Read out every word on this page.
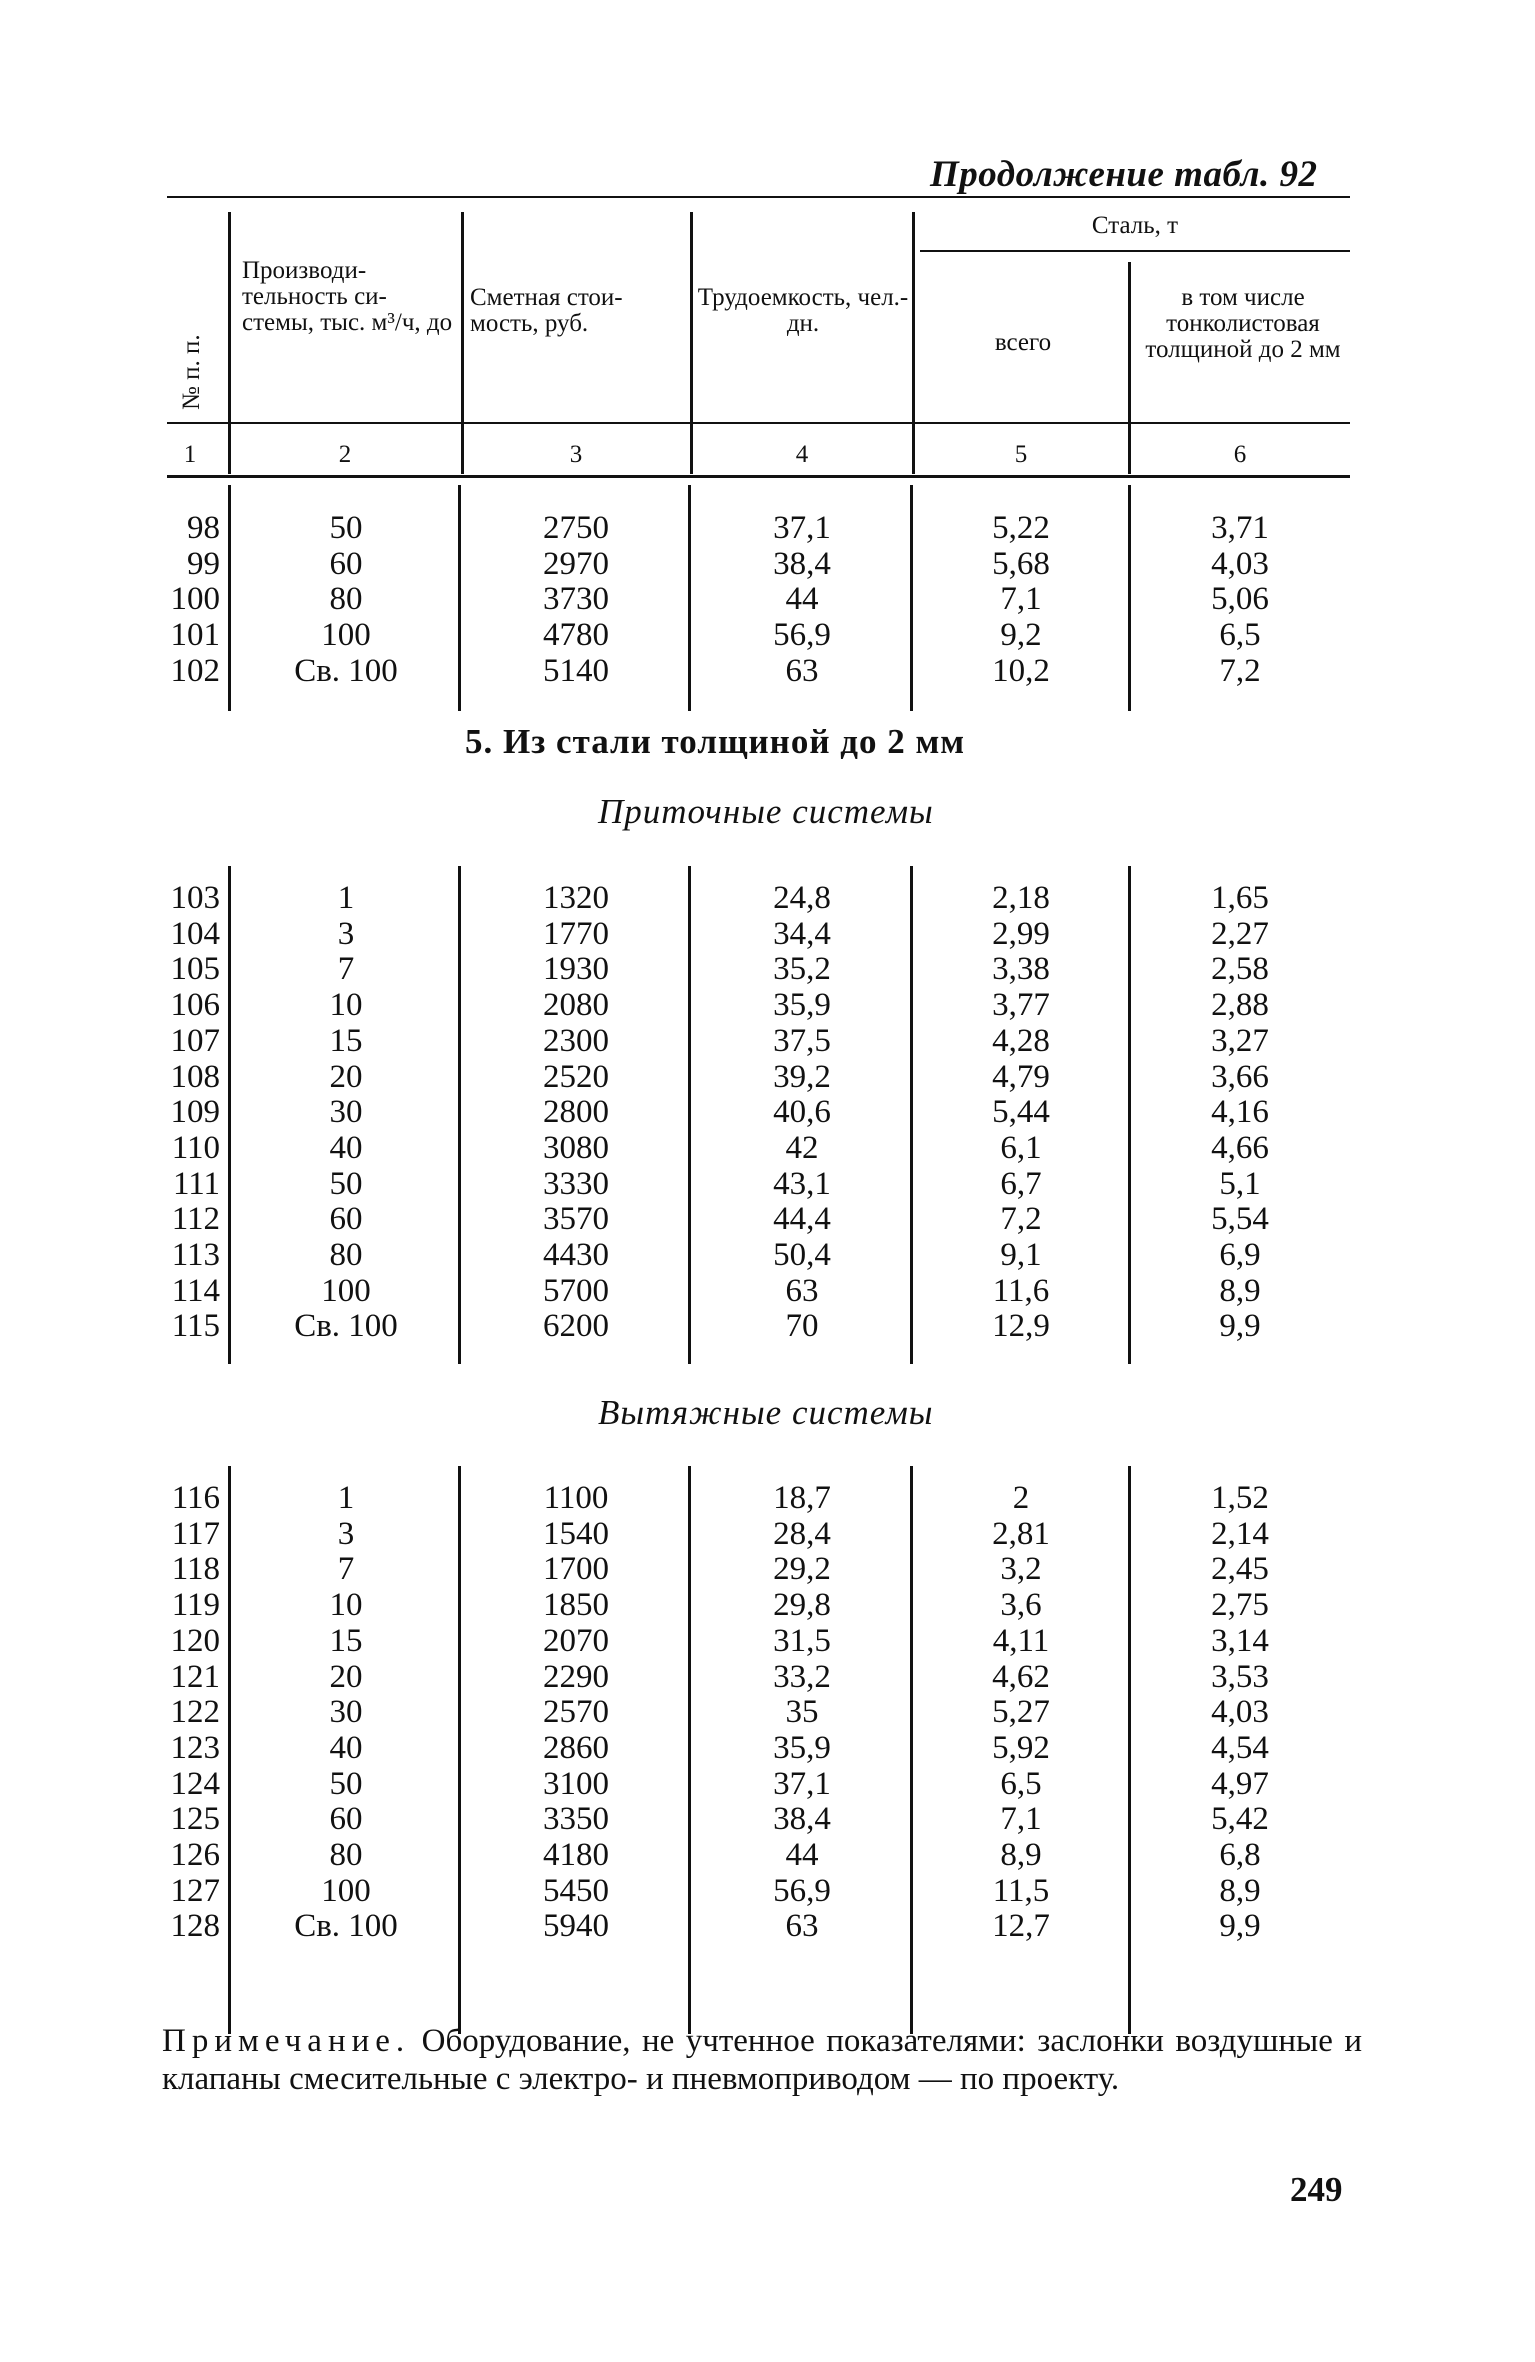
Продолжение табл. 92
№ п. п.
Производи- тельность си- стемы, тыс. м³/ч, до
Сметная стои- мость, руб.
Трудоемкость, чел.-дн.
Сталь, т
всего
в том числе тонколистовая толщиной до 2 мм
1	2	3	4	5	6
5. Из стали толщиной до 2 мм
Приточные системы
Вытяжные системы
98	50	2750	37,1	5,22	3,71
99	60	2970	38,4	5,68	4,03
100	80	3730	44	7,1	5,06
101	100	4780	56,9	9,2	6,5
102	Св. 100	5140	63	10,2	7,2
103	1	1320	24,8	2,18	1,65
104	3	1770	34,4	2,99	2,27
105	7	1930	35,2	3,38	2,58
106	10	2080	35,9	3,77	2,88
107	15	2300	37,5	4,28	3,27
108	20	2520	39,2	4,79	3,66
109	30	2800	40,6	5,44	4,16
110	40	3080	42	6,1	4,66
111	50	3330	43,1	6,7	5,1
112	60	3570	44,4	7,2	5,54
113	80	4430	50,4	9,1	6,9
114	100	5700	63	11,6	8,9
115	Св. 100	6200	70	12,9	9,9
116	1	1100	18,7	2	1,52
117	3	1540	28,4	2,81	2,14
118	7	1700	29,2	3,2	2,45
119	10	1850	29,8	3,6	2,75
120	15	2070	31,5	4,11	3,14
121	20	2290	33,2	4,62	3,53
122	30	2570	35	5,27	4,03
123	40	2860	35,9	5,92	4,54
124	50	3100	37,1	6,5	4,97
125	60	3350	38,4	7,1	5,42
126	80	4180	44	8,9	6,8
127	100	5450	56,9	11,5	8,9
128	Св. 100	5940	63	12,7	9,9
Примечание. Оборудование, не учтенное показателями: заслонки воздушные и клапаны смесительные с электро- и пневмоприводом — по проекту.
249
